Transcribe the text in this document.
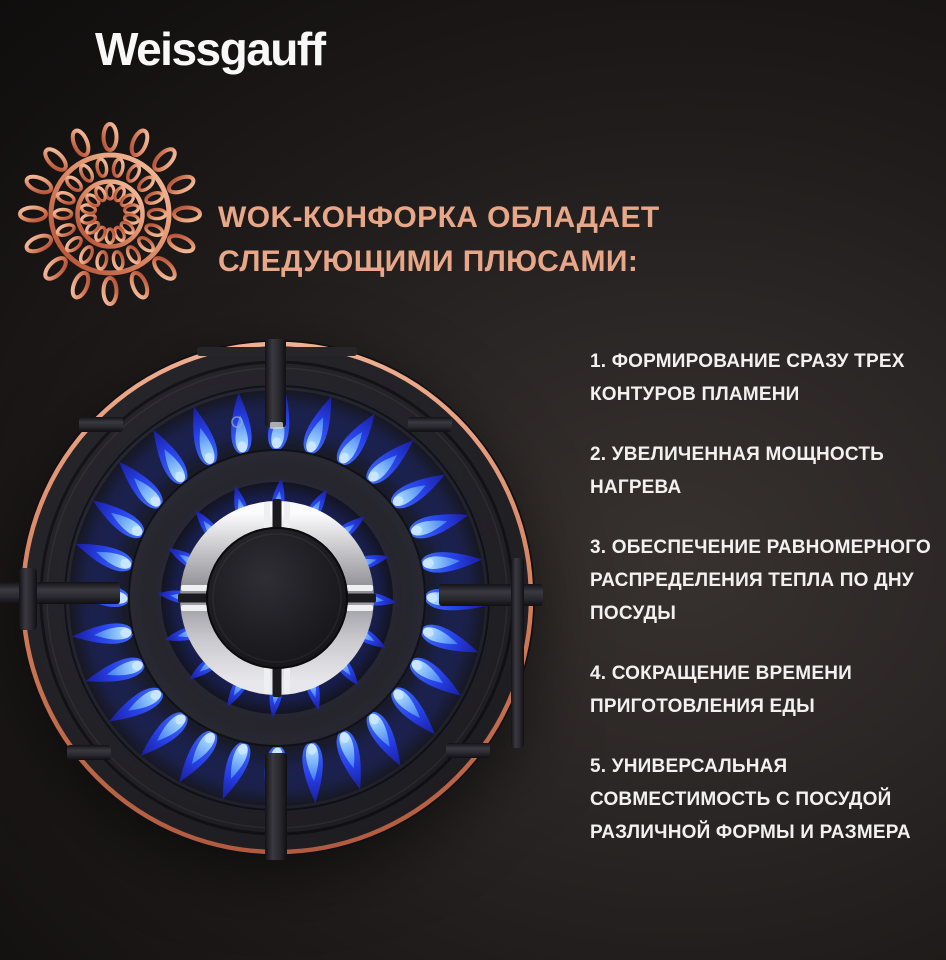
Weissgauff
WOK-КОНФОРКА ОБЛАДАЕТ СЛЕДУЮЩИМИ ПЛЮСАМИ:
1. ФОРМИРОВАНИЕ СРАЗУ ТРЕХ КОНТУРОВ ПЛАМЕНИ
2. УВЕЛИЧЕННАЯ МОЩНОСТЬ НАГРЕВА
3. ОБЕСПЕЧЕНИЕ РАВНОМЕРНОГО РАСПРЕДЕЛЕНИЯ ТЕПЛА ПО ДНУ ПОСУДЫ
4. СОКРАЩЕНИЕ ВРЕМЕНИ ПРИГОТОВЛЕНИЯ ЕДЫ
5. УНИВЕРСАЛЬНАЯ СОВМЕСТИМОСТЬ С ПОСУДОЙ РАЗЛИЧНОЙ ФОРМЫ И РАЗМЕРА
